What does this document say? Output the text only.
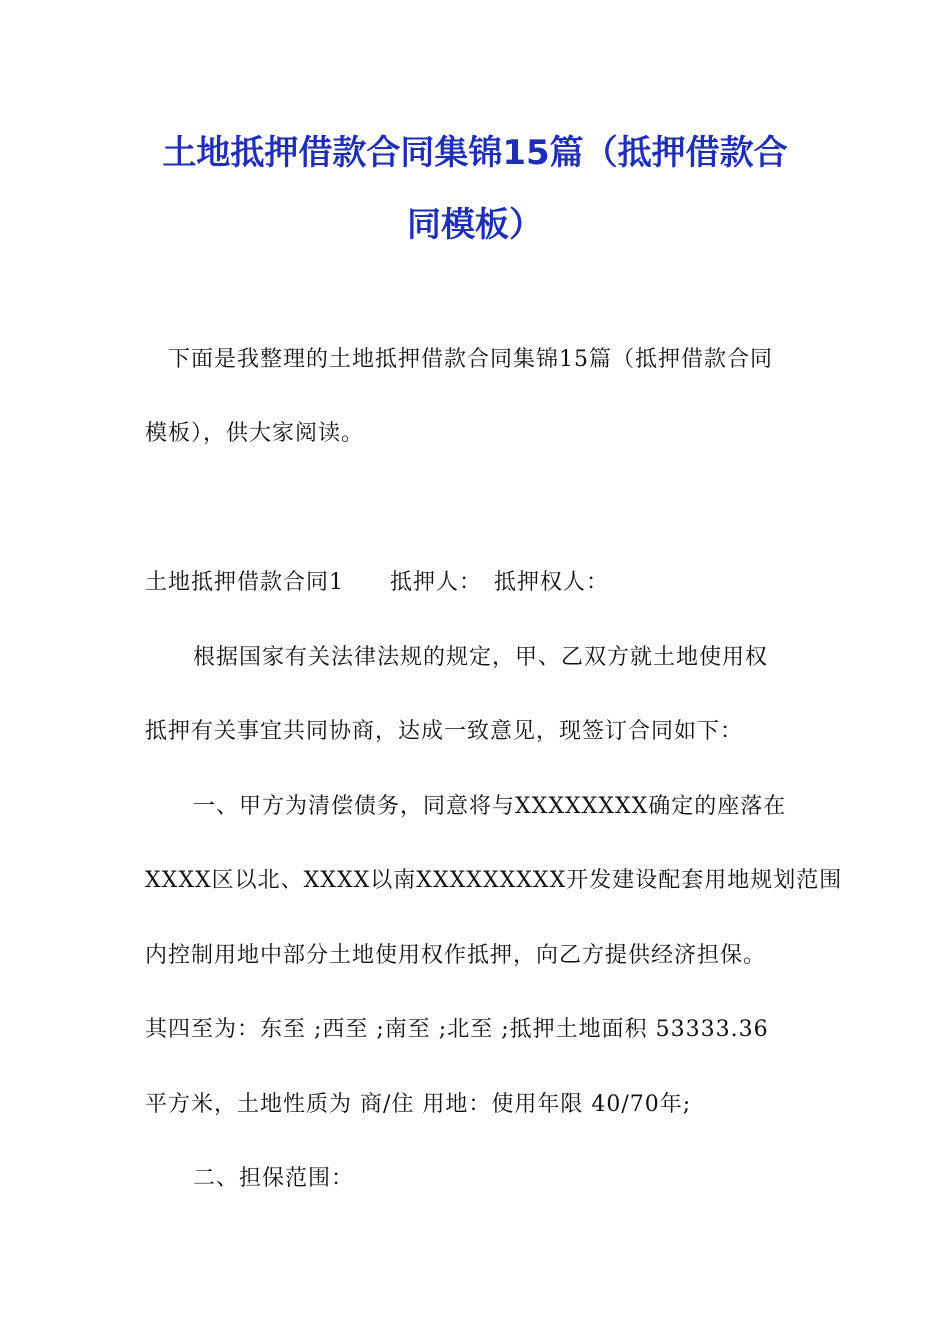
土地抵押借款合同集锦15篇（抵押借款合
同模板）
下面是我整理的土地抵押借款合同集锦15篇（抵押借款合同
模板），供大家阅读。
土地抵押借款合同1　　抵押人：　抵押权人：
根据国家有关法律法规的规定，甲、乙双方就土地使用权
抵押有关事宜共同协商，达成一致意见，现签订合同如下：
一、甲方为清偿债务，同意将与XXXXXXXX确定的座落在
XXXX区以北、XXXX以南XXXXXXXXX开发建设配套用地规划范围
内控制用地中部分土地使用权作抵押，向乙方提供经济担保。
其四至为：东至 ;西至 ;南至 ;北至 ;抵押土地面积 53333.36
平方米，土地性质为 商/住 用地：使用年限 40/70年;
二、担保范围：
